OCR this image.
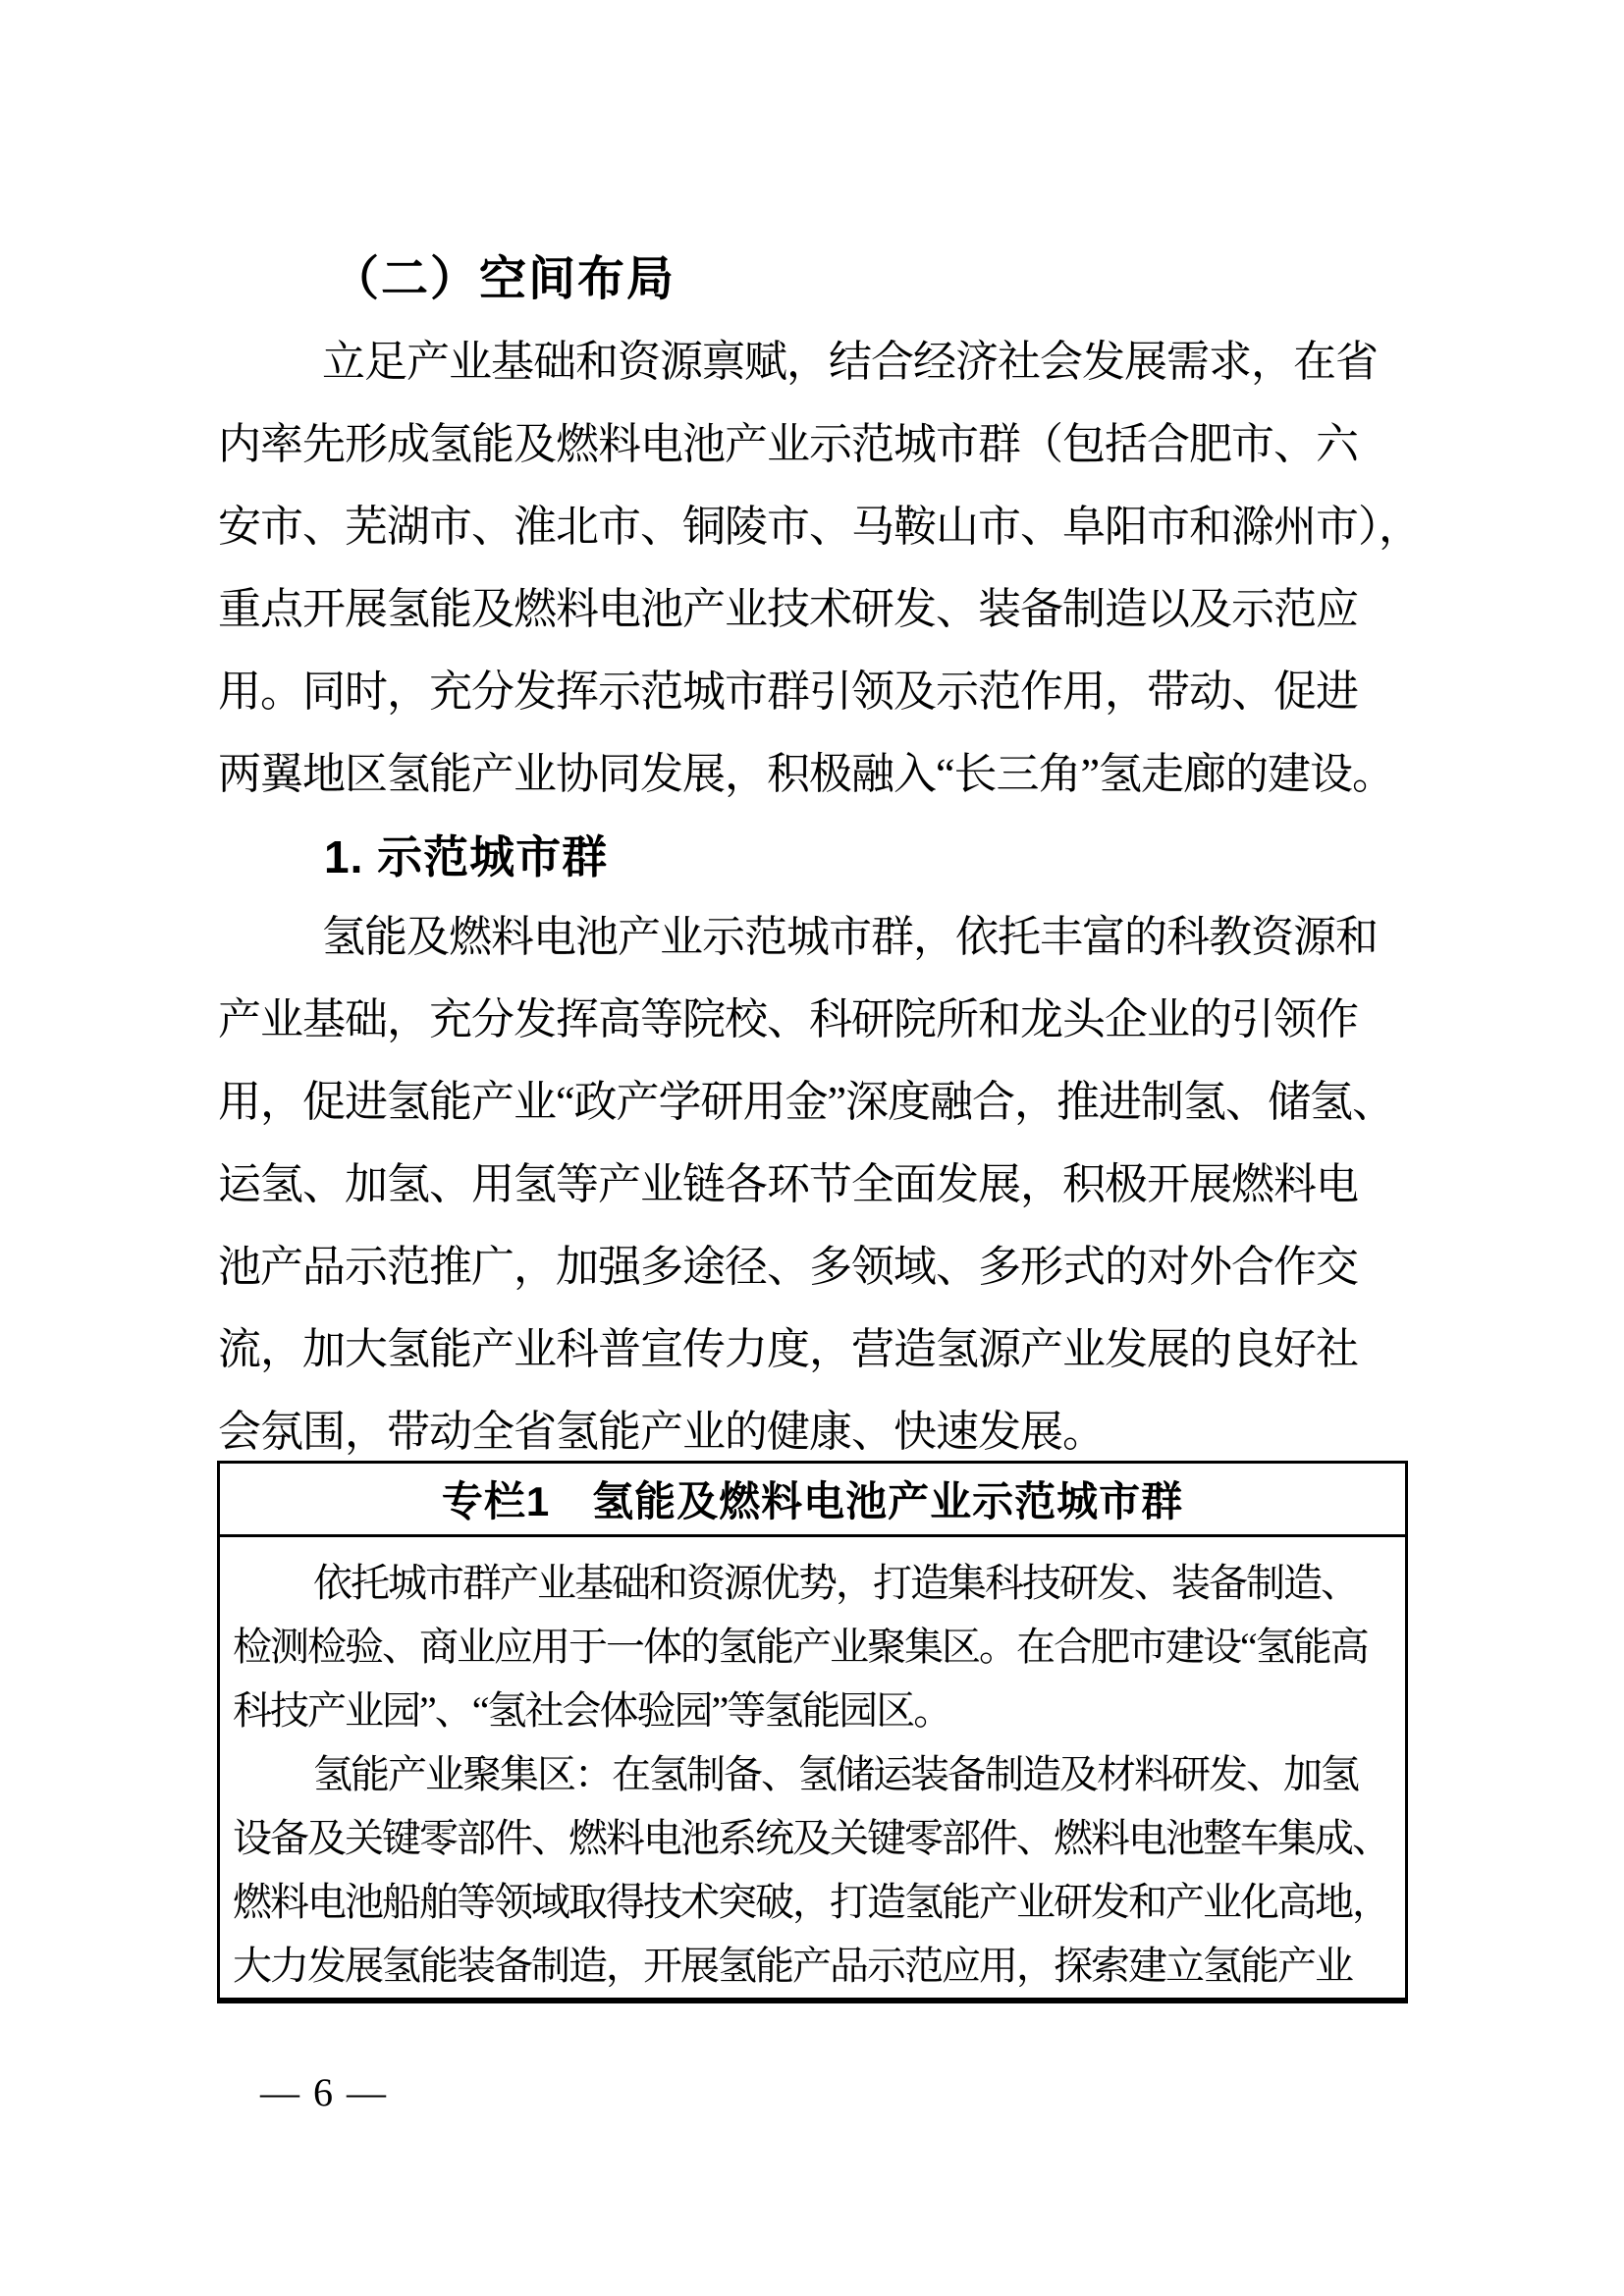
（二）空间布局
立足产业基础和资源禀赋，结合经济社会发展需求，在省
内率先形成氢能及燃料电池产业示范城市群（包括合肥市、六
安市、芜湖市、淮北市、铜陵市、马鞍山市、阜阳市和滁州市），
重点开展氢能及燃料电池产业技术研发、装备制造以及示范应
用。同时，充分发挥示范城市群引领及示范作用，带动、促进
两翼地区氢能产业协同发展，积极融入“长三角”氢走廊的建设。
1. 示范城市群
氢能及燃料电池产业示范城市群，依托丰富的科教资源和
产业基础，充分发挥高等院校、科研院所和龙头企业的引领作
用，促进氢能产业“政产学研用金”深度融合，推进制氢、储氢、
运氢、加氢、用氢等产业链各环节全面发展，积极开展燃料电
池产品示范推广，加强多途径、多领域、多形式的对外合作交
流，加大氢能产业科普宣传力度，营造氢源产业发展的良好社
会氛围，带动全省氢能产业的健康、快速发展。
专栏1　氢能及燃料电池产业示范城市群
依托城市群产业基础和资源优势，打造集科技研发、装备制造、
检测检验、商业应用于一体的氢能产业聚集区。在合肥市建设“氢能高
科技产业园”、“氢社会体验园”等氢能园区。
氢能产业聚集区：在氢制备、氢储运装备制造及材料研发、加氢
设备及关键零部件、燃料电池系统及关键零部件、燃料电池整车集成、
燃料电池船舶等领域取得技术突破，打造氢能产业研发和产业化高地，
大力发展氢能装备制造，开展氢能产品示范应用，探索建立氢能产业
— 6 —
